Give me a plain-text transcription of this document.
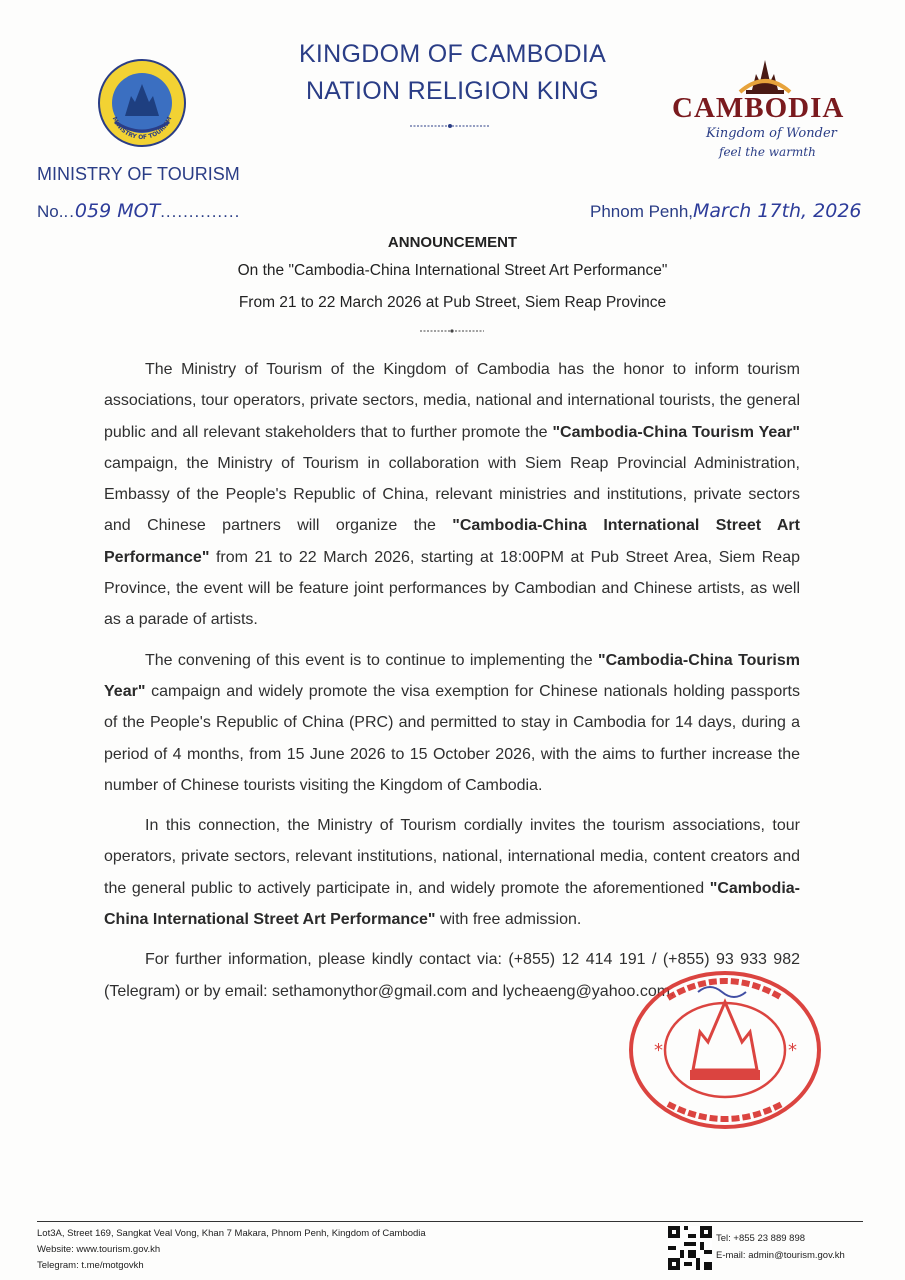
KINGDOM OF CAMBODIA
NATION RELIGION KING
MINISTRY OF TOURISM	CAMBODIA
Kingdom of Wonder
feel the warmth
MINISTRY OF TOURISM
No...059 MOT..............	Phnom Penh,March 17th, 2026
ANNOUNCEMENT
On the "Cambodia-China International Street Art Performance"
From 21 to 22 March 2026 at Pub Street, Siem Reap Province

The Ministry of Tourism of the Kingdom of Cambodia has the honor to inform tourism associations, tour operators, private sectors, media, national and international tourists, the general public and all relevant stakeholders that to further promote the "Cambodia-China Tourism Year" campaign, the Ministry of Tourism in collaboration with Siem Reap Provincial Administration, Embassy of the People's Republic of China, relevant ministries and institutions, private sectors and Chinese partners will organize the "Cambodia-China International Street Art Performance" from 21 to 22 March 2026, starting at 18:00PM at Pub Street Area, Siem Reap Province, the event will be feature joint performances by Cambodian and Chinese artists, as well as a parade of artists.

The convening of this event is to continue to implementing the "Cambodia-China Tourism Year" campaign and widely promote the visa exemption for Chinese nationals holding passports of the People's Republic of China (PRC) and permitted to stay in Cambodia for 14 days, during a period of 4 months, from 15 June 2026 to 15 October 2026, with the aims to further increase the number of Chinese tourists visiting the Kingdom of Cambodia.

In this connection, the Ministry of Tourism cordially invites the tourism associations, tour operators, private sectors, relevant institutions, national, international media, content creators and the general public to actively participate in, and widely promote the aforementioned "Cambodia-China International Street Art Performance" with free admission.

For further information, please kindly contact via: (+855) 12 414 191 / (+855) 93 933 982 (Telegram) or by email: sethamonythor@gmail.com and lycheaeng@yahoo.com.

*	*
Lot3A, Street 169, Sangkat Veal Vong, Khan 7 Makara, Phnom Penh, Kingdom of Cambodia
Website: www.tourism.gov.kh
Telegram: t.me/motgovkh
Tel: +855 23 889 898
E-mail: admin@tourism.gov.kh
